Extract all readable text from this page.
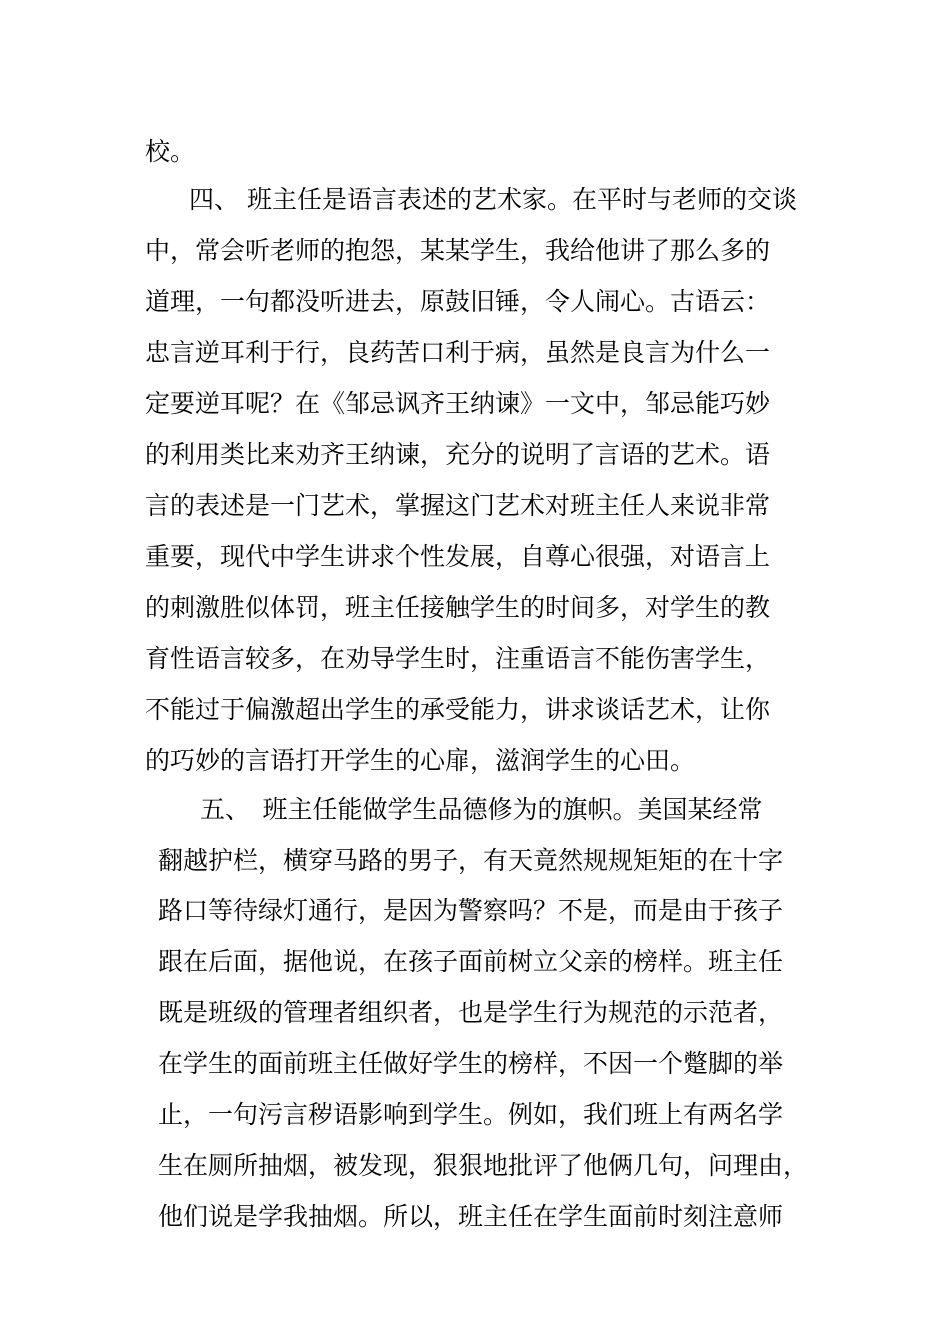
校。
四、 班主任是语言表述的艺术家。在平时与老师的交谈
中，常会听老师的抱怨，某某学生，我给他讲了那么多的
道理，一句都没听进去，原鼓旧锤，令人闹心。古语云：
忠言逆耳利于行，良药苦口利于病，虽然是良言为什么一
定要逆耳呢？在《邹忌讽齐王纳谏》一文中，邹忌能巧妙
的利用类比来劝齐王纳谏，充分的说明了言语的艺术。语
言的表述是一门艺术，掌握这门艺术对班主任人来说非常
重要，现代中学生讲求个性发展，自尊心很强，对语言上
的刺激胜似体罚，班主任接触学生的时间多，对学生的教
育性语言较多，在劝导学生时，注重语言不能伤害学生，
不能过于偏激超出学生的承受能力，讲求谈话艺术，让你
的巧妙的言语打开学生的心扉，滋润学生的心田。
五、　班主任能做学生品德修为的旗帜。美国某经常
翻越护栏，横穿马路的男子，有天竟然规规矩矩的在十字
路口等待绿灯通行，是因为警察吗？不是，而是由于孩子
跟在后面，据他说，在孩子面前树立父亲的榜样。班主任
既是班级的管理者组织者，也是学生行为规范的示范者，
在学生的面前班主任做好学生的榜样，不因一个蹩脚的举
止，一句污言秽语影响到学生。例如，我们班上有两名学
生在厕所抽烟，被发现，狠狠地批评了他俩几句，问理由，
他们说是学我抽烟。所以，班主任在学生面前时刻注意师
